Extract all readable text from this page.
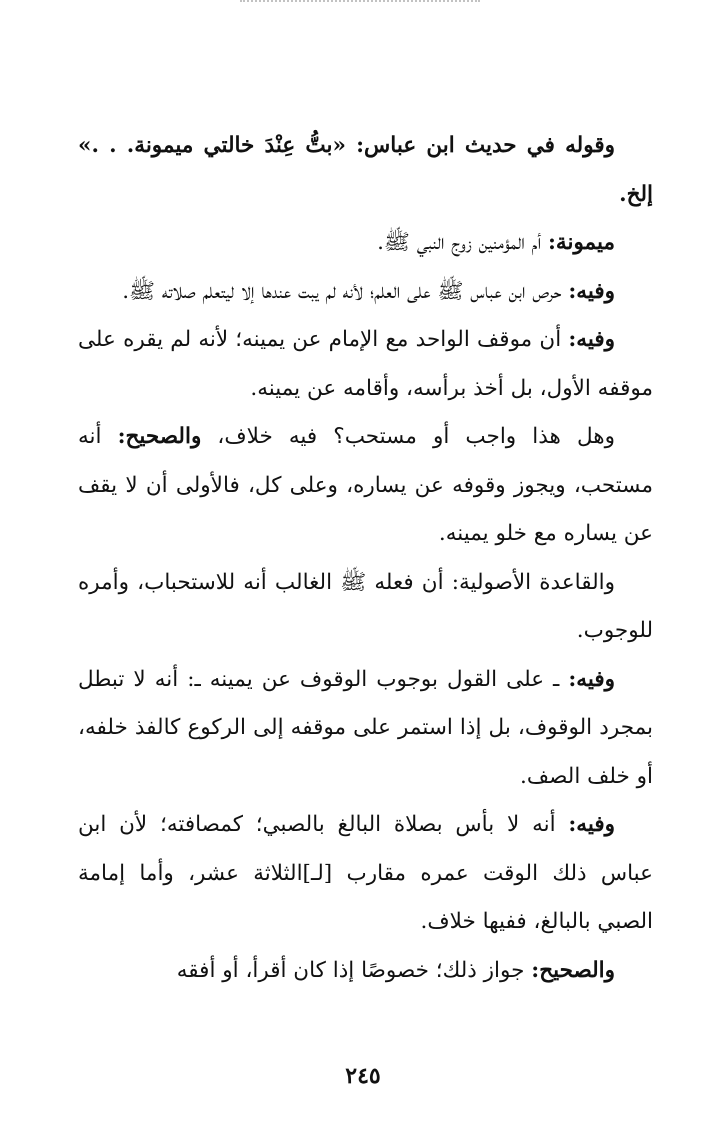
وقوله في حديث ابن عباس: «بتُّ عِنْدَ خالتي ميمونة. . .» إلخ.

ميمونة: أم المؤمنين زوج النبي ﷺ.

وفيه: حرص ابن عباس ﷺ على العلم؛ لأنه لم يبت عندها إلا ليتعلم صلاته ﷺ.

وفيه: أن موقف الواحد مع الإمام عن يمينه؛ لأنه لم يقره على موقفه الأول، بل أخذ برأسه، وأقامه عن يمينه.

وهل هذا واجب أو مستحب؟ فيه خلاف، والصحيح: أنه مستحب، ويجوز وقوفه عن يساره، وعلى كل، فالأولى أن لا يقف عن يساره مع خلو يمينه.

والقاعدة الأصولية: أن فعله ﷺ الغالب أنه للاستحباب، وأمره للوجوب.

وفيه: ـ على القول بوجوب الوقوف عن يمينه ـ: أنه لا تبطل بمجرد الوقوف، بل إذا استمر على موقفه إلى الركوع كالفذ خلفه، أو خلف الصف.

وفيه: أنه لا بأس بصلاة البالغ بالصبي؛ كمصافته؛ لأن ابن عباس ذلك الوقت عمره مقارب [لـ]الثلاثة عشر، وأما إمامة الصبي بالبالغ، ففيها خلاف.

والصحيح: جواز ذلك؛ خصوصًا إذا كان أقرأ، أو أفقه

٢٤٥
